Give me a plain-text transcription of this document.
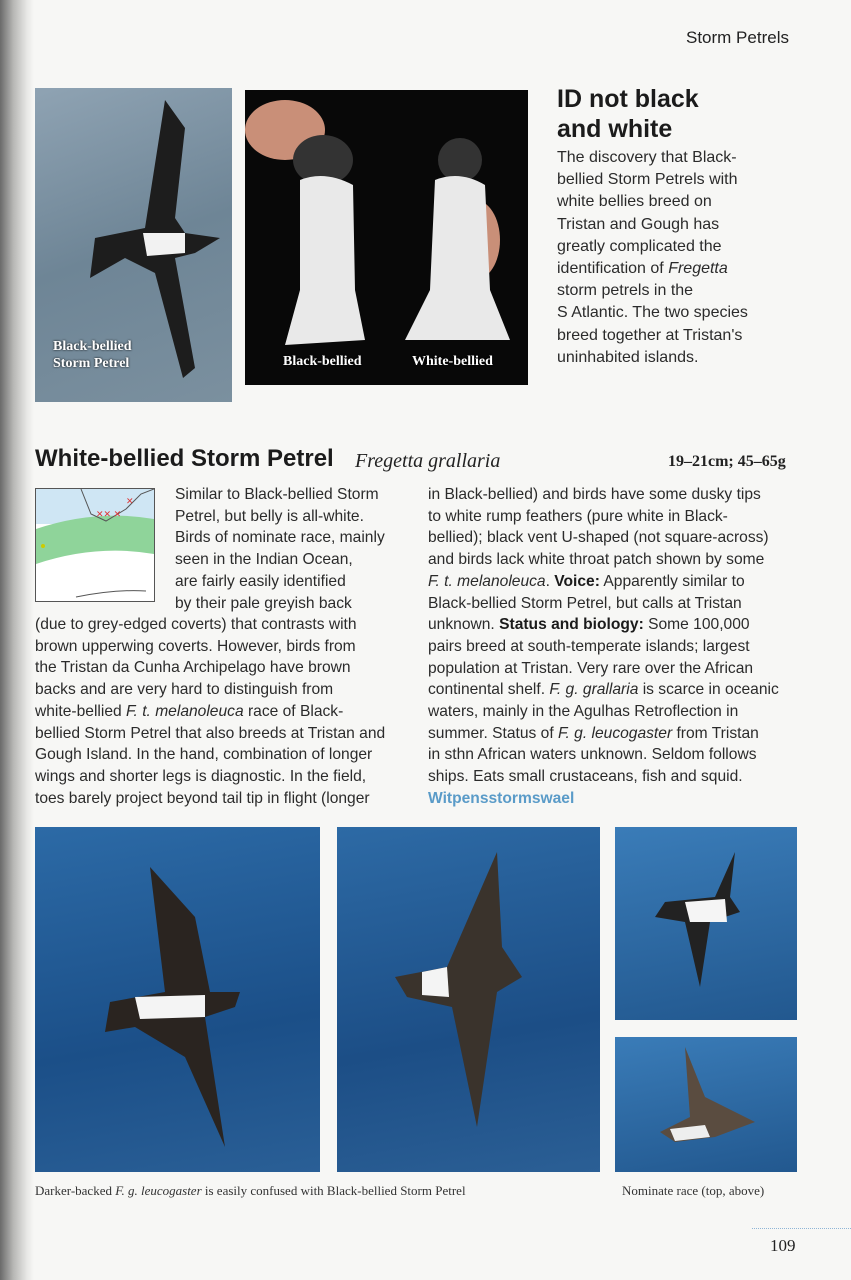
Storm Petrels
Black-bellied Storm Petrel	Black-bellied	White-bellied
ID not black
and white
The discovery that Black-
bellied Storm Petrels with
white bellies breed on
Tristan and Gough has
greatly complicated the
identification of Fregetta
storm petrels in the
S Atlantic. The two species
breed together at Tristan's
uninhabited islands.
White-bellied Storm Petrel Fregetta grallaria	19–21cm; 45–65g
✕✕ ✕
✕	Similar to Black-bellied Storm
Petrel, but belly is all-white.
Birds of nominate race, mainly
seen in the Indian Ocean,
are fairly easily identified
by their pale greyish back
(due to grey-edged coverts) that contrasts with
brown upperwing coverts. However, birds from
the Tristan da Cunha Archipelago have brown
backs and are very hard to distinguish from
white-bellied F. t. melanoleuca race of Black-
bellied Storm Petrel that also breeds at Tristan and
Gough Island. In the hand, combination of longer
wings and shorter legs is diagnostic. In the field,
toes barely project beyond tail tip in flight (longer
in Black-bellied) and birds have some dusky tips
to white rump feathers (pure white in Black-
bellied); black vent U-shaped (not square-across)
and birds lack white throat patch shown by some
F. t. melanoleuca. Voice: Apparently similar to
Black-bellied Storm Petrel, but calls at Tristan
unknown. Status and biology: Some 100,000
pairs breed at south-temperate islands; largest
population at Tristan. Very rare over the African
continental shelf. F. g. grallaria is scarce in oceanic
waters, mainly in the Agulhas Retroflection in
summer. Status of F. g. leucogaster from Tristan
in sthn African waters unknown. Seldom follows
ships. Eats small crustaceans, fish and squid.
Witpensstormswael
Darker-backed F. g. leucogaster is easily confused with Black-bellied Storm Petrel	Nominate race (top, above)
109
